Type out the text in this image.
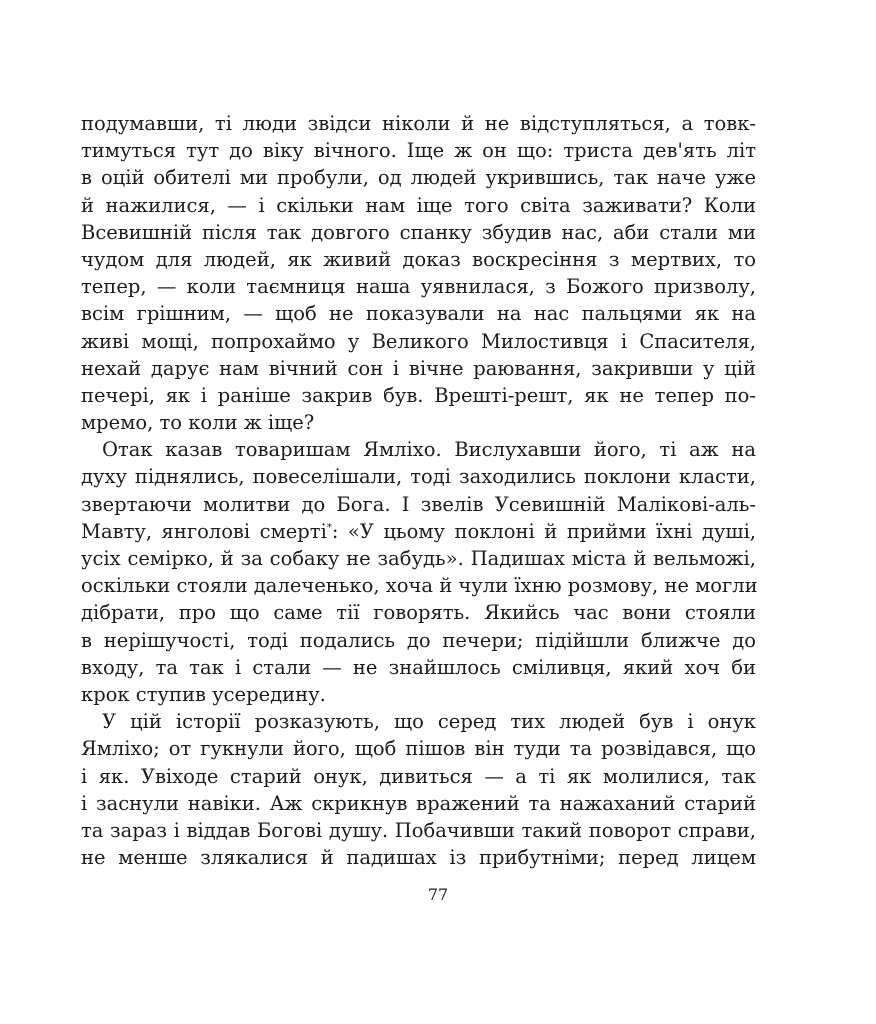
подумавши, ті люди звідси ніколи й не відступляться, а товк-
тимуться тут до віку вічного. Іще ж он що: триста дев'ять літ
в оцій обителі ми пробули, од людей укрившись, так наче уже
й нажилися, — і скільки нам іще того світа заживати? Коли
Всевишній після так довгого спанку збудив нас, аби стали ми
чудом для людей, як живий доказ воскресіння з мертвих, то
тепер, — коли таємниця наша уявнилася, з Божого призволу,
всім грішним, — щоб не показували на нас пальцями як на
живі мощі, попрохаймо у Великого Милостивця і Спасителя,
нехай дарує нам вічний сон і вічне раювання, закривши у цій
печері, як і раніше закрив був. Врешті-решт, як не тепер по-
мремо, то коли ж іще?
Отак казав товаришам Ямліхо. Вислухавши його, ті аж на
духу піднялись, повеселішали, тоді заходились поклони класти,
звертаючи молитви до Бога. І звелів Усевишній Малікові-аль-
Мавту, янголові смерті*: «У цьому поклоні й прийми їхні душі,
усіх семірко, й за собаку не забудь». Падишах міста й вельможі,
оскільки стояли далеченько, хоча й чули їхню розмову, не могли
дібрати, про що саме тії говорять. Якийсь час вони стояли
в нерішучості, тоді подались до печери; підійшли ближче до
входу, та так і стали — не знайшлось сміливця, який хоч би
крок ступив усередину.
У цій історії розказують, що серед тих людей був і онук
Ямліхо; от гукнули його, щоб пішов він туди та розвідався, що
і як. Увіходе старий онук, дивиться — а ті як молилися, так
і заснули навіки. Аж скрикнув вражений та нажаханий старий
та зараз і віддав Богові душу. Побачивши такий поворот справи,
не менше злякалися й падишах із прибутніми; перед лицем
77
